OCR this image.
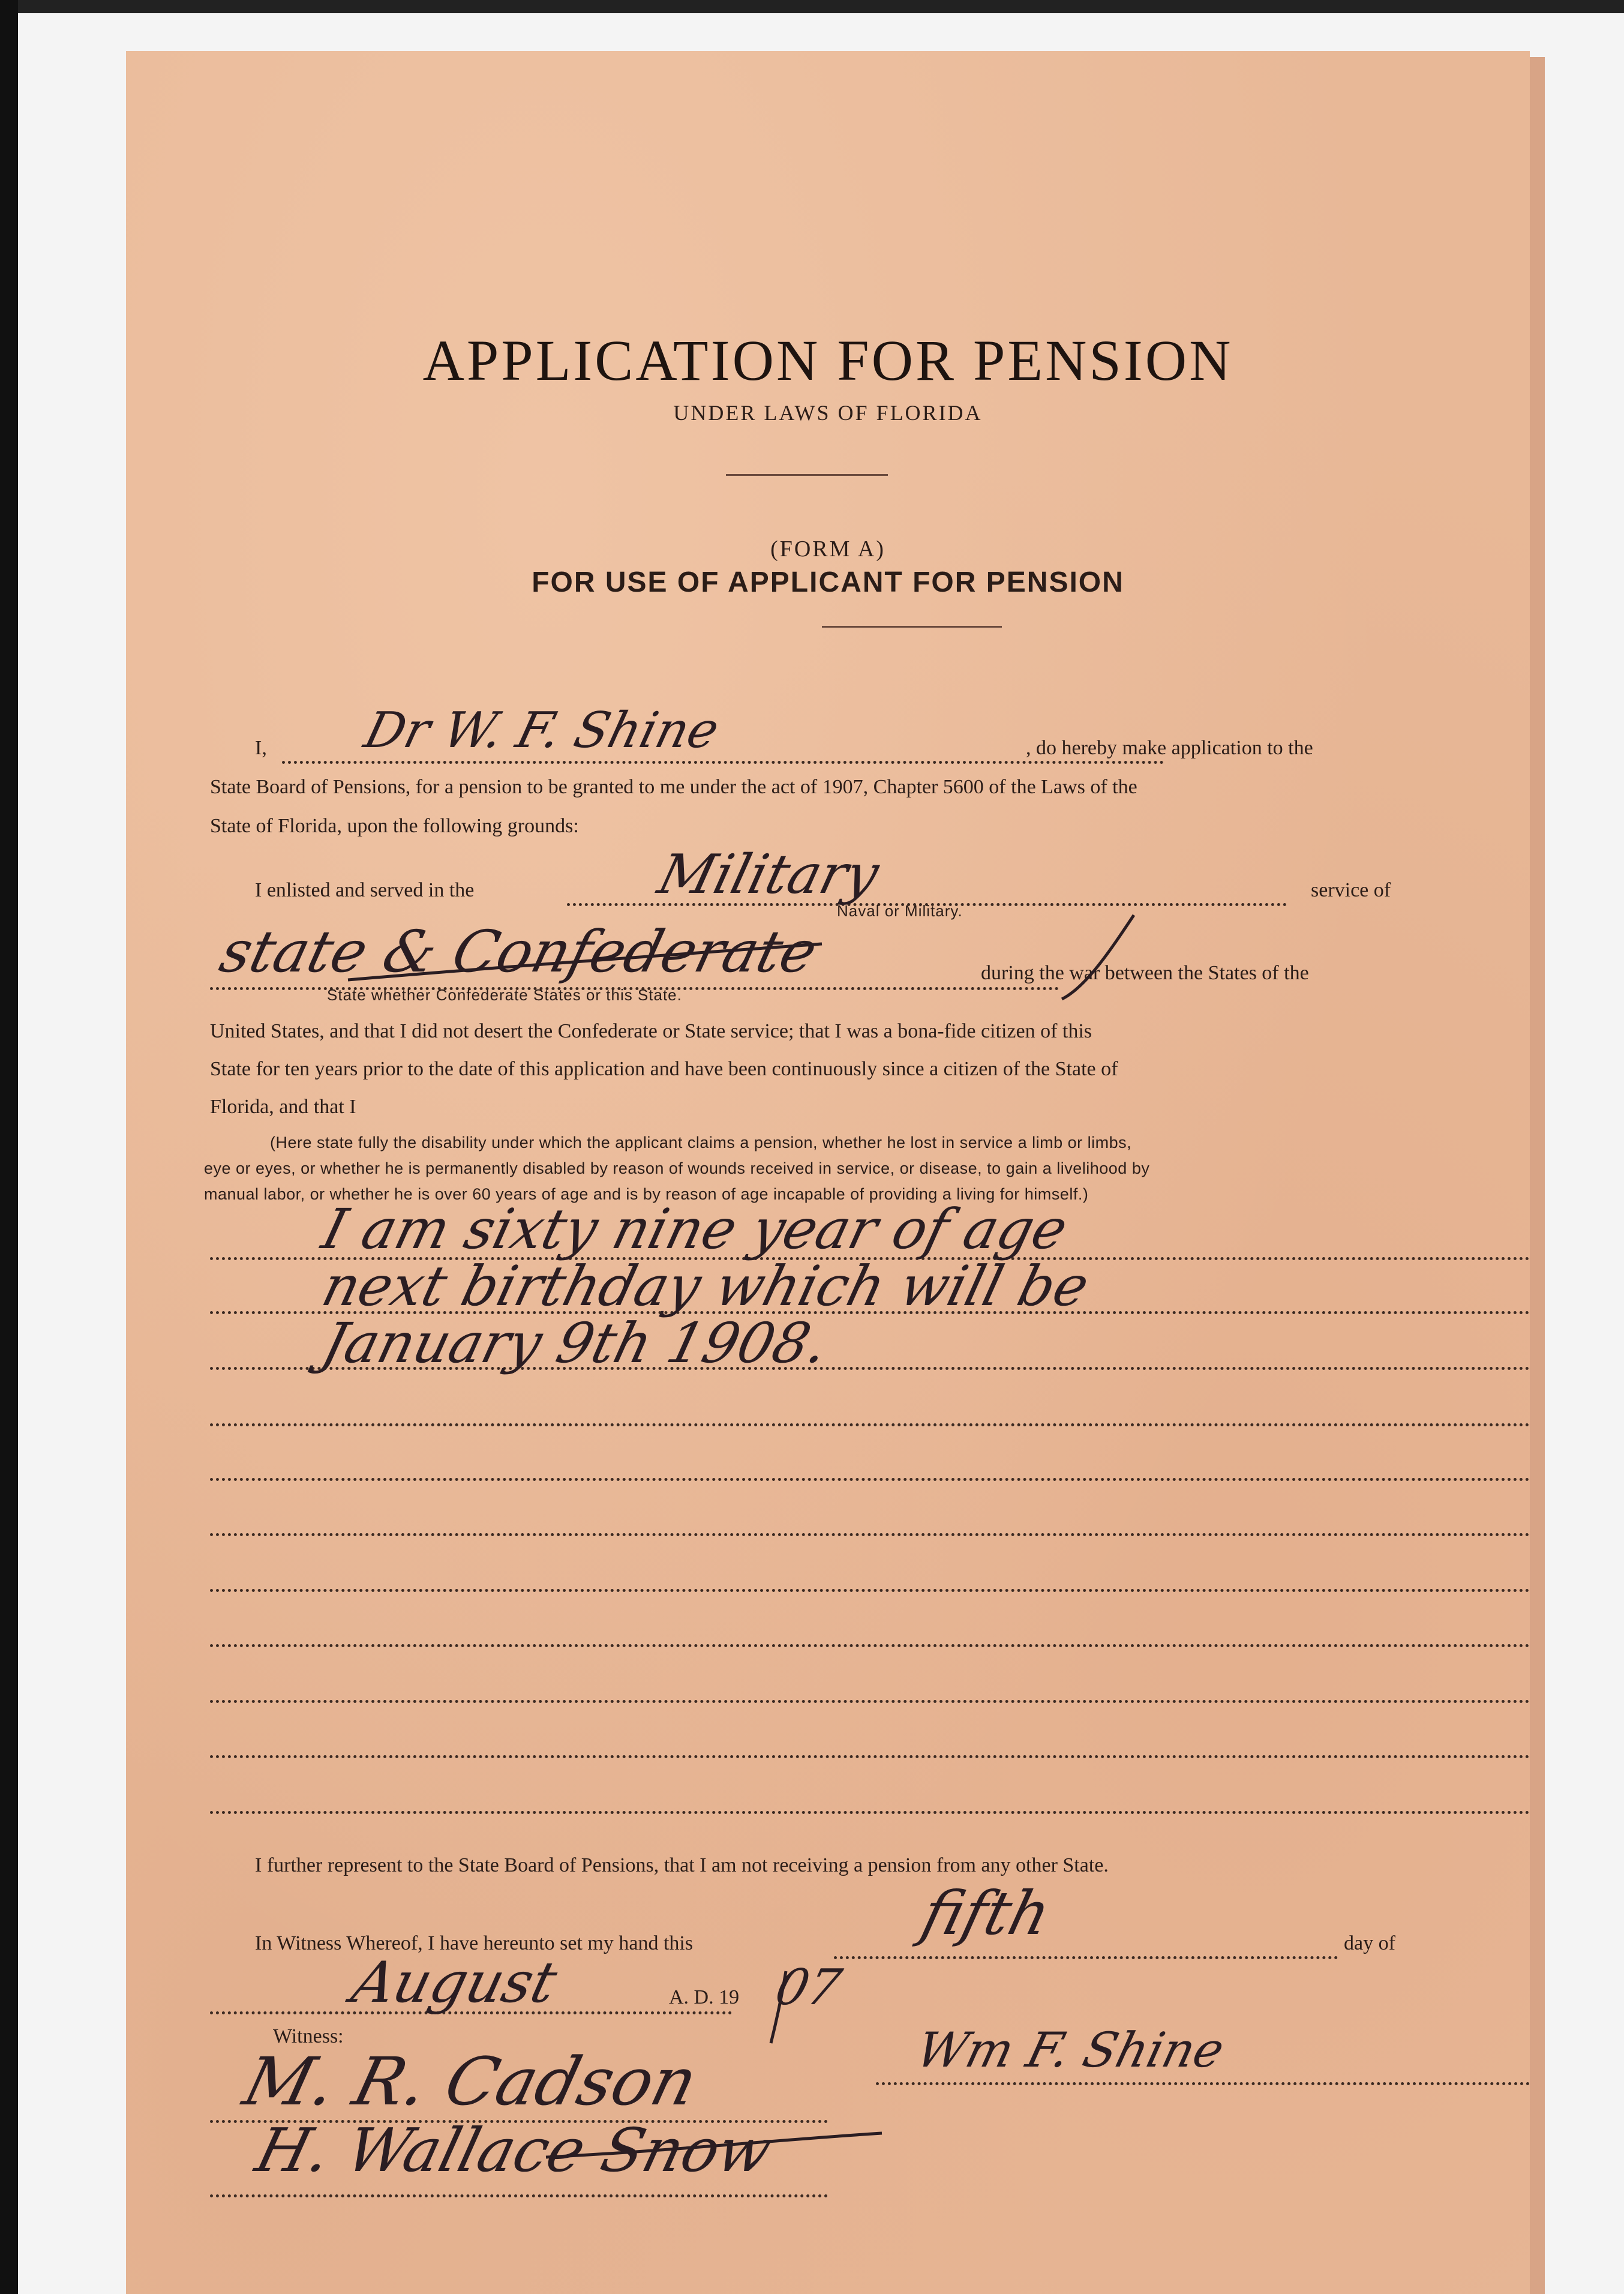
APPLICATION FOR PENSION
UNDER LAWS OF FLORIDA
(FORM A)
FOR USE OF APPLICANT FOR PENSION
I, Dr W. F. Shine	, do hereby make application to the
State Board of Pensions, for a pension to be granted to me under the act of 1907, Chapter 5600 of the Laws of the
State of Florida, upon the following grounds:
I enlisted and served in the	Military	service of
Naval or Military.
state & Confederate	during the war between the States of the
State whether Confederate States or this State.
United States, and that I did not desert the Confederate or State service; that I was a bona-fide citizen of this
State for ten years prior to the date of this application and have been continuously since a citizen of the State of
Florida, and that I
(Here state fully the disability under which the applicant claims a pension, whether he lost in service a limb or limbs,
eye or eyes, or whether he is permanently disabled by reason of wounds received in service, or disease, to gain a livelihood by
manual labor, or whether he is over 60 years of age and is by reason of age incapable of providing a living for himself.)
I am sixty nine year of age
next birthday which will be
January 9th 1908.
I further represent to the State Board of Pensions, that I am not receiving a pension from any other State.
In Witness Whereof, I have hereunto set my hand this	fifth	day of
August	A. D. 19 07
Witness:	Wm F. Shine
M. R. Cadson
H. Wallace Snow
